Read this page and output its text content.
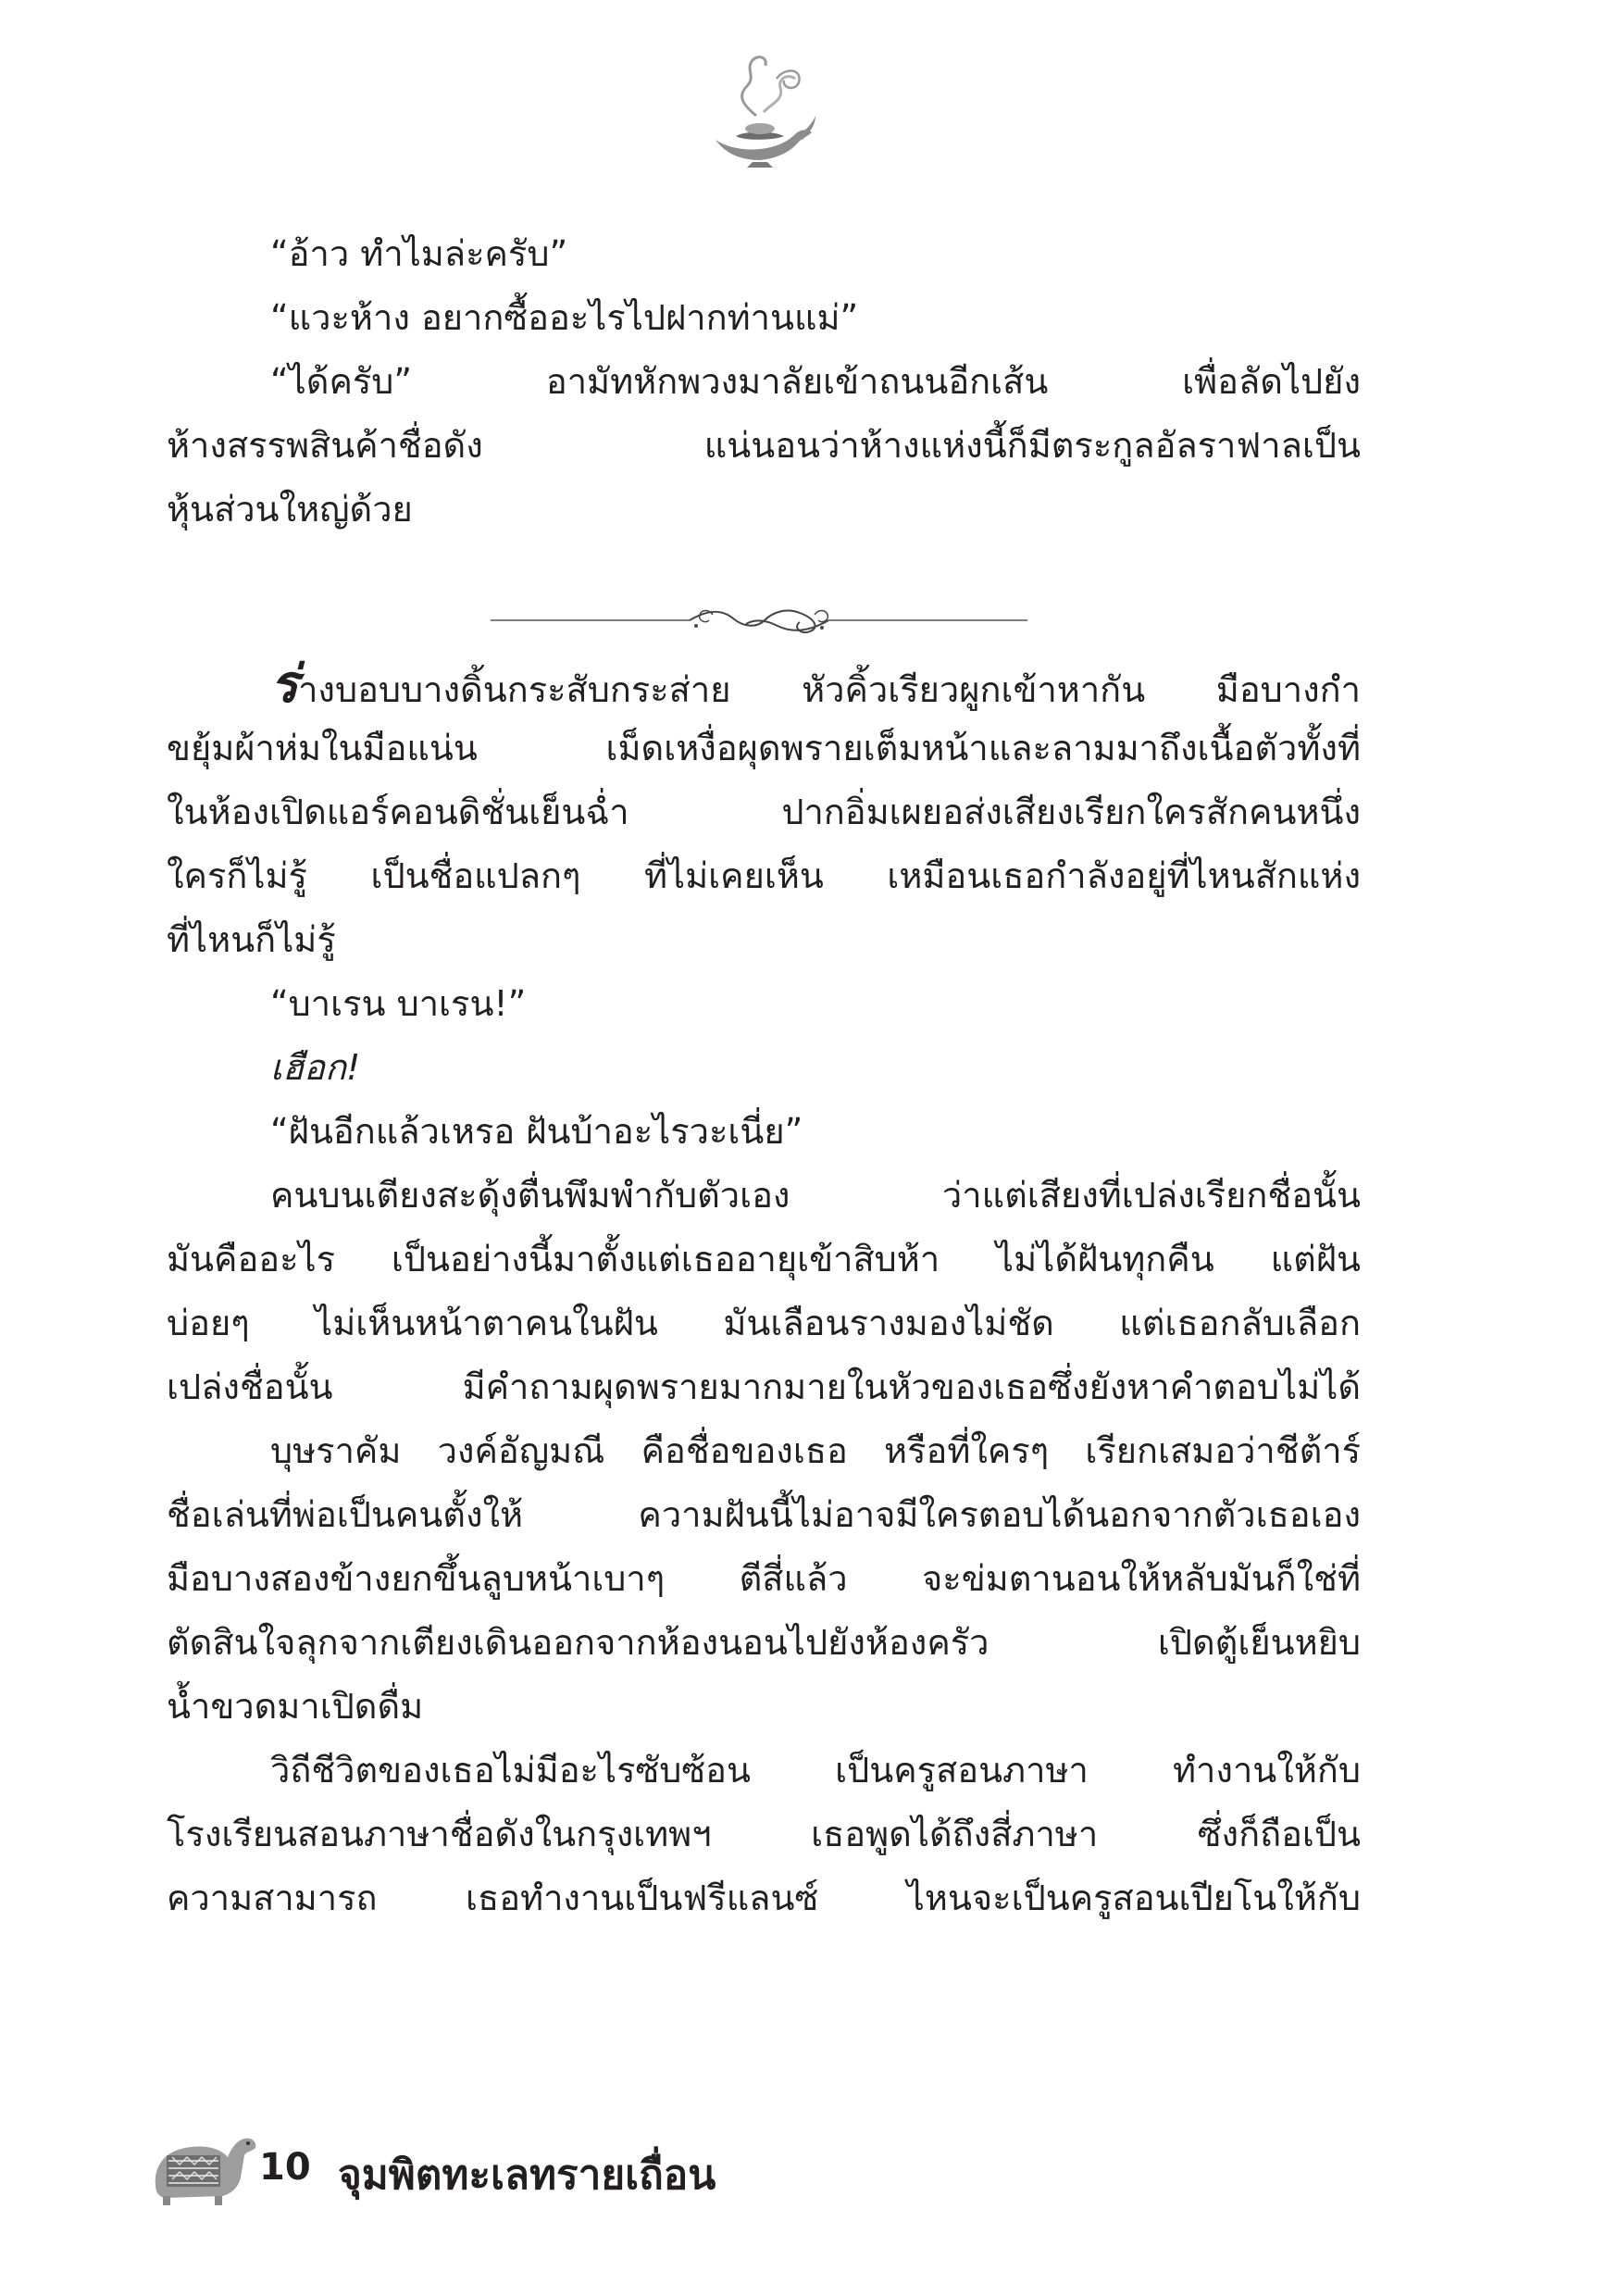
“อ้าว ทำไมล่ะครับ”
“แวะห้าง อยากซื้ออะไรไปฝากท่านแม่”
“ได้ครับ” อามัทหักพวงมาลัยเข้าถนนอีกเส้น เพื่อลัดไปยัง
ห้างสรรพสินค้าชื่อดัง แน่นอนว่าห้างแห่งนี้ก็มีตระกูลอัลราฟาลเป็น
หุ้นส่วนใหญ่ด้วย
ร่างบอบบางดิ้นกระสับกระส่าย หัวคิ้วเรียวผูกเข้าหากัน มือบางกำ
ขยุ้มผ้าห่มในมือแน่น เม็ดเหงื่อผุดพรายเต็มหน้าและลามมาถึงเนื้อตัวทั้งที่
ในห้องเปิดแอร์คอนดิชั่นเย็นฉ่ำ ปากอิ่มเผยอส่งเสียงเรียกใครสักคนหนึ่ง
ใครก็ไม่รู้ เป็นชื่อแปลกๆ ที่ไม่เคยเห็น เหมือนเธอกำลังอยู่ที่ไหนสักแห่ง
ที่ไหนก็ไม่รู้
“บาเรน บาเรน!”
เฮือก!
“ฝันอีกแล้วเหรอ ฝันบ้าอะไรวะเนี่ย”
คนบนเตียงสะดุ้งตื่นพึมพำกับตัวเอง ว่าแต่เสียงที่เปล่งเรียกชื่อนั้น
มันคืออะไร เป็นอย่างนี้มาตั้งแต่เธออายุเข้าสิบห้า ไม่ได้ฝันทุกคืน แต่ฝัน
บ่อยๆ ไม่เห็นหน้าตาคนในฝัน มันเลือนรางมองไม่ชัด แต่เธอกลับเลือก
เปล่งชื่อนั้น มีคำถามผุดพรายมากมายในหัวของเธอซึ่งยังหาคำตอบไม่ได้
บุษราคัม วงค์อัญมณี คือชื่อของเธอ หรือที่ใครๆ เรียกเสมอว่าชีต้าร์
ชื่อเล่นที่พ่อเป็นคนตั้งให้ ความฝันนี้ไม่อาจมีใครตอบได้นอกจากตัวเธอเอง
มือบางสองข้างยกขึ้นลูบหน้าเบาๆ ตีสี่แล้ว จะข่มตานอนให้หลับมันก็ใช่ที่
ตัดสินใจลุกจากเตียงเดินออกจากห้องนอนไปยังห้องครัว เปิดตู้เย็นหยิบ
น้ำขวดมาเปิดดื่ม
วิถีชีวิตของเธอไม่มีอะไรซับซ้อน เป็นครูสอนภาษา ทำงานให้กับ
โรงเรียนสอนภาษาชื่อดังในกรุงเทพฯ เธอพูดได้ถึงสี่ภาษา ซึ่งก็ถือเป็น
ความสามารถ เธอทำงานเป็นฟรีแลนซ์ ไหนจะเป็นครูสอนเปียโนให้กับ
10 จุมพิตทะเลทรายเถื่อน
